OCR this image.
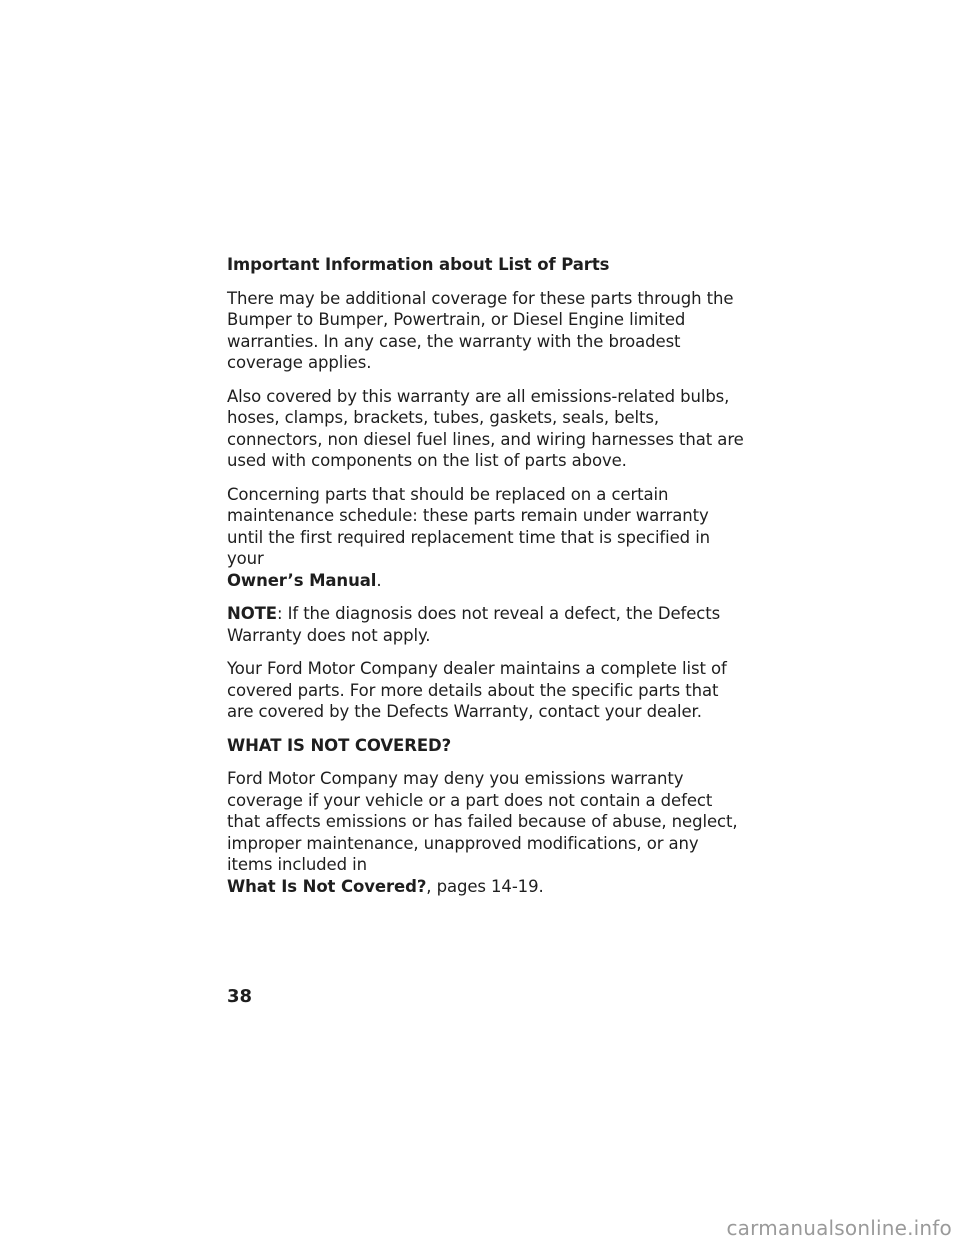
Important Information about List of Parts

There may be additional coverage for these parts through the Bumper to Bumper, Powertrain, or Diesel Engine limited warranties. In any case, the warranty with the broadest coverage applies.

Also covered by this warranty are all emissions-related bulbs, hoses, clamps, brackets, tubes, gaskets, seals, belts, connectors, non diesel fuel lines, and wiring harnesses that are used with components on the list of parts above.

Concerning parts that should be replaced on a certain maintenance schedule: these parts remain under warranty until the first required replacement time that is specified in your
Owner’s Manual.

NOTE: If the diagnosis does not reveal a defect, the Defects Warranty does not apply.

Your Ford Motor Company dealer maintains a complete list of covered parts. For more details about the specific parts that are covered by the Defects Warranty, contact your dealer.

WHAT IS NOT COVERED?

Ford Motor Company may deny you emissions warranty coverage if your vehicle or a part does not contain a defect that affects emissions or has failed because of abuse, neglect, improper maintenance, unapproved modifications, or any items included in
What Is Not Covered?, pages 14-19.

38
carmanualsonline.info
